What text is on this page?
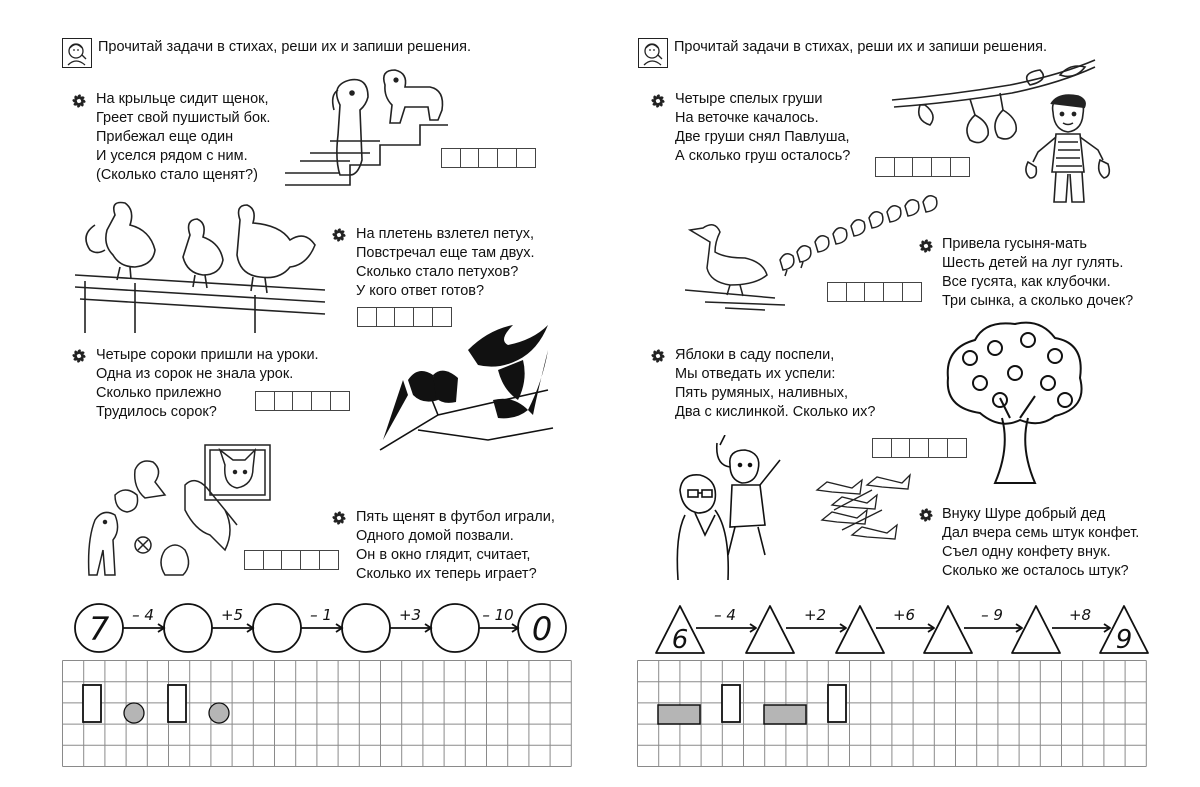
Прочитай задачи в стихах, реши их и запиши решения.
На крыльце сидит щенок,
Греет свой пушистый бок.
Прибежал еще один
И уселся рядом с ним.
(Сколько стало щенят?)
На плетень взлетел петух,
Повстречал еще там двух.
Сколько стало петухов?
У кого ответ готов?
Четыре сороки пришли на уроки.
Одна из сорок не знала урок.
Сколько прилежно
Трудилось сорок?
Пять щенят в футбол играли,
Одного домой позвали.
Он в окно глядит, считает,
Сколько их теперь играет?
7	0
– 4	+5	– 1	+3	– 10
Прочитай задачи в стихах, реши их и запиши решения.
Четыре спелых груши
На веточке качалось.
Две груши снял Павлуша,
А сколько груш осталось?
Привела гусыня-мать
Шесть детей на луг гулять.
Все гусята, как клубочки.
Три сынка, а сколько дочек?
Яблоки в саду поспели,
Мы отведать их успели:
Пять румяных, наливных,
Два с кислинкой. Сколько их?
Внуку Шуре добрый дед
Дал вчера семь штук конфет.
Съел одну конфету внук.
Сколько же осталось штук?
6	9
– 4	+2	+6	– 9	+8
